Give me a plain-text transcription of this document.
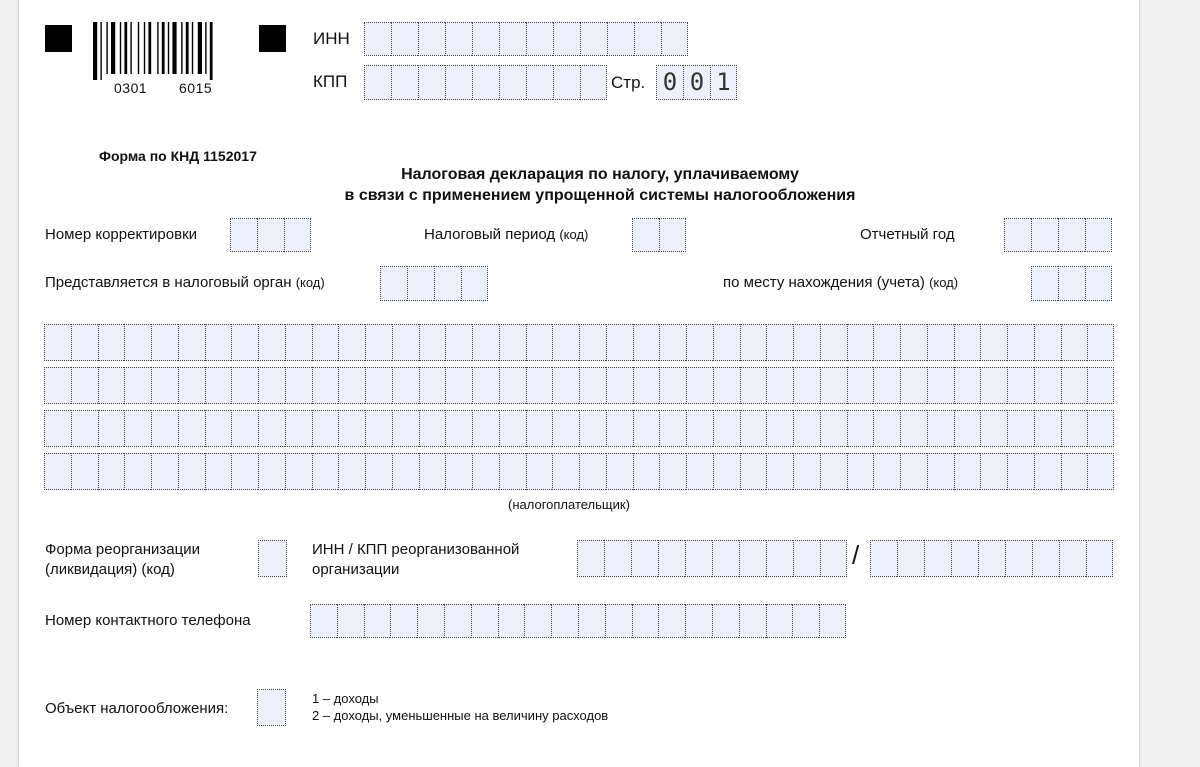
0301 6015
ИНН
КПП	Стр. 0 0 1
Форма по КНД 1152017
Налоговая декларация по налогу, уплачиваемому
в связи с применением упрощенной системы налогообложения
Номер корректировки	Налоговый период (код)	Отчетный год
Представляется в налоговый орган (код)	по месту нахождения (учета) (код)
(налогоплательщик)
Форма реорганизации
(ликвидация) (код)
ИНН / КПП реорганизованной
организации	/
Номер контактного телефона
Объект налогообложения:
1 – доходы
2 – доходы, уменьшенные на величину расходов
